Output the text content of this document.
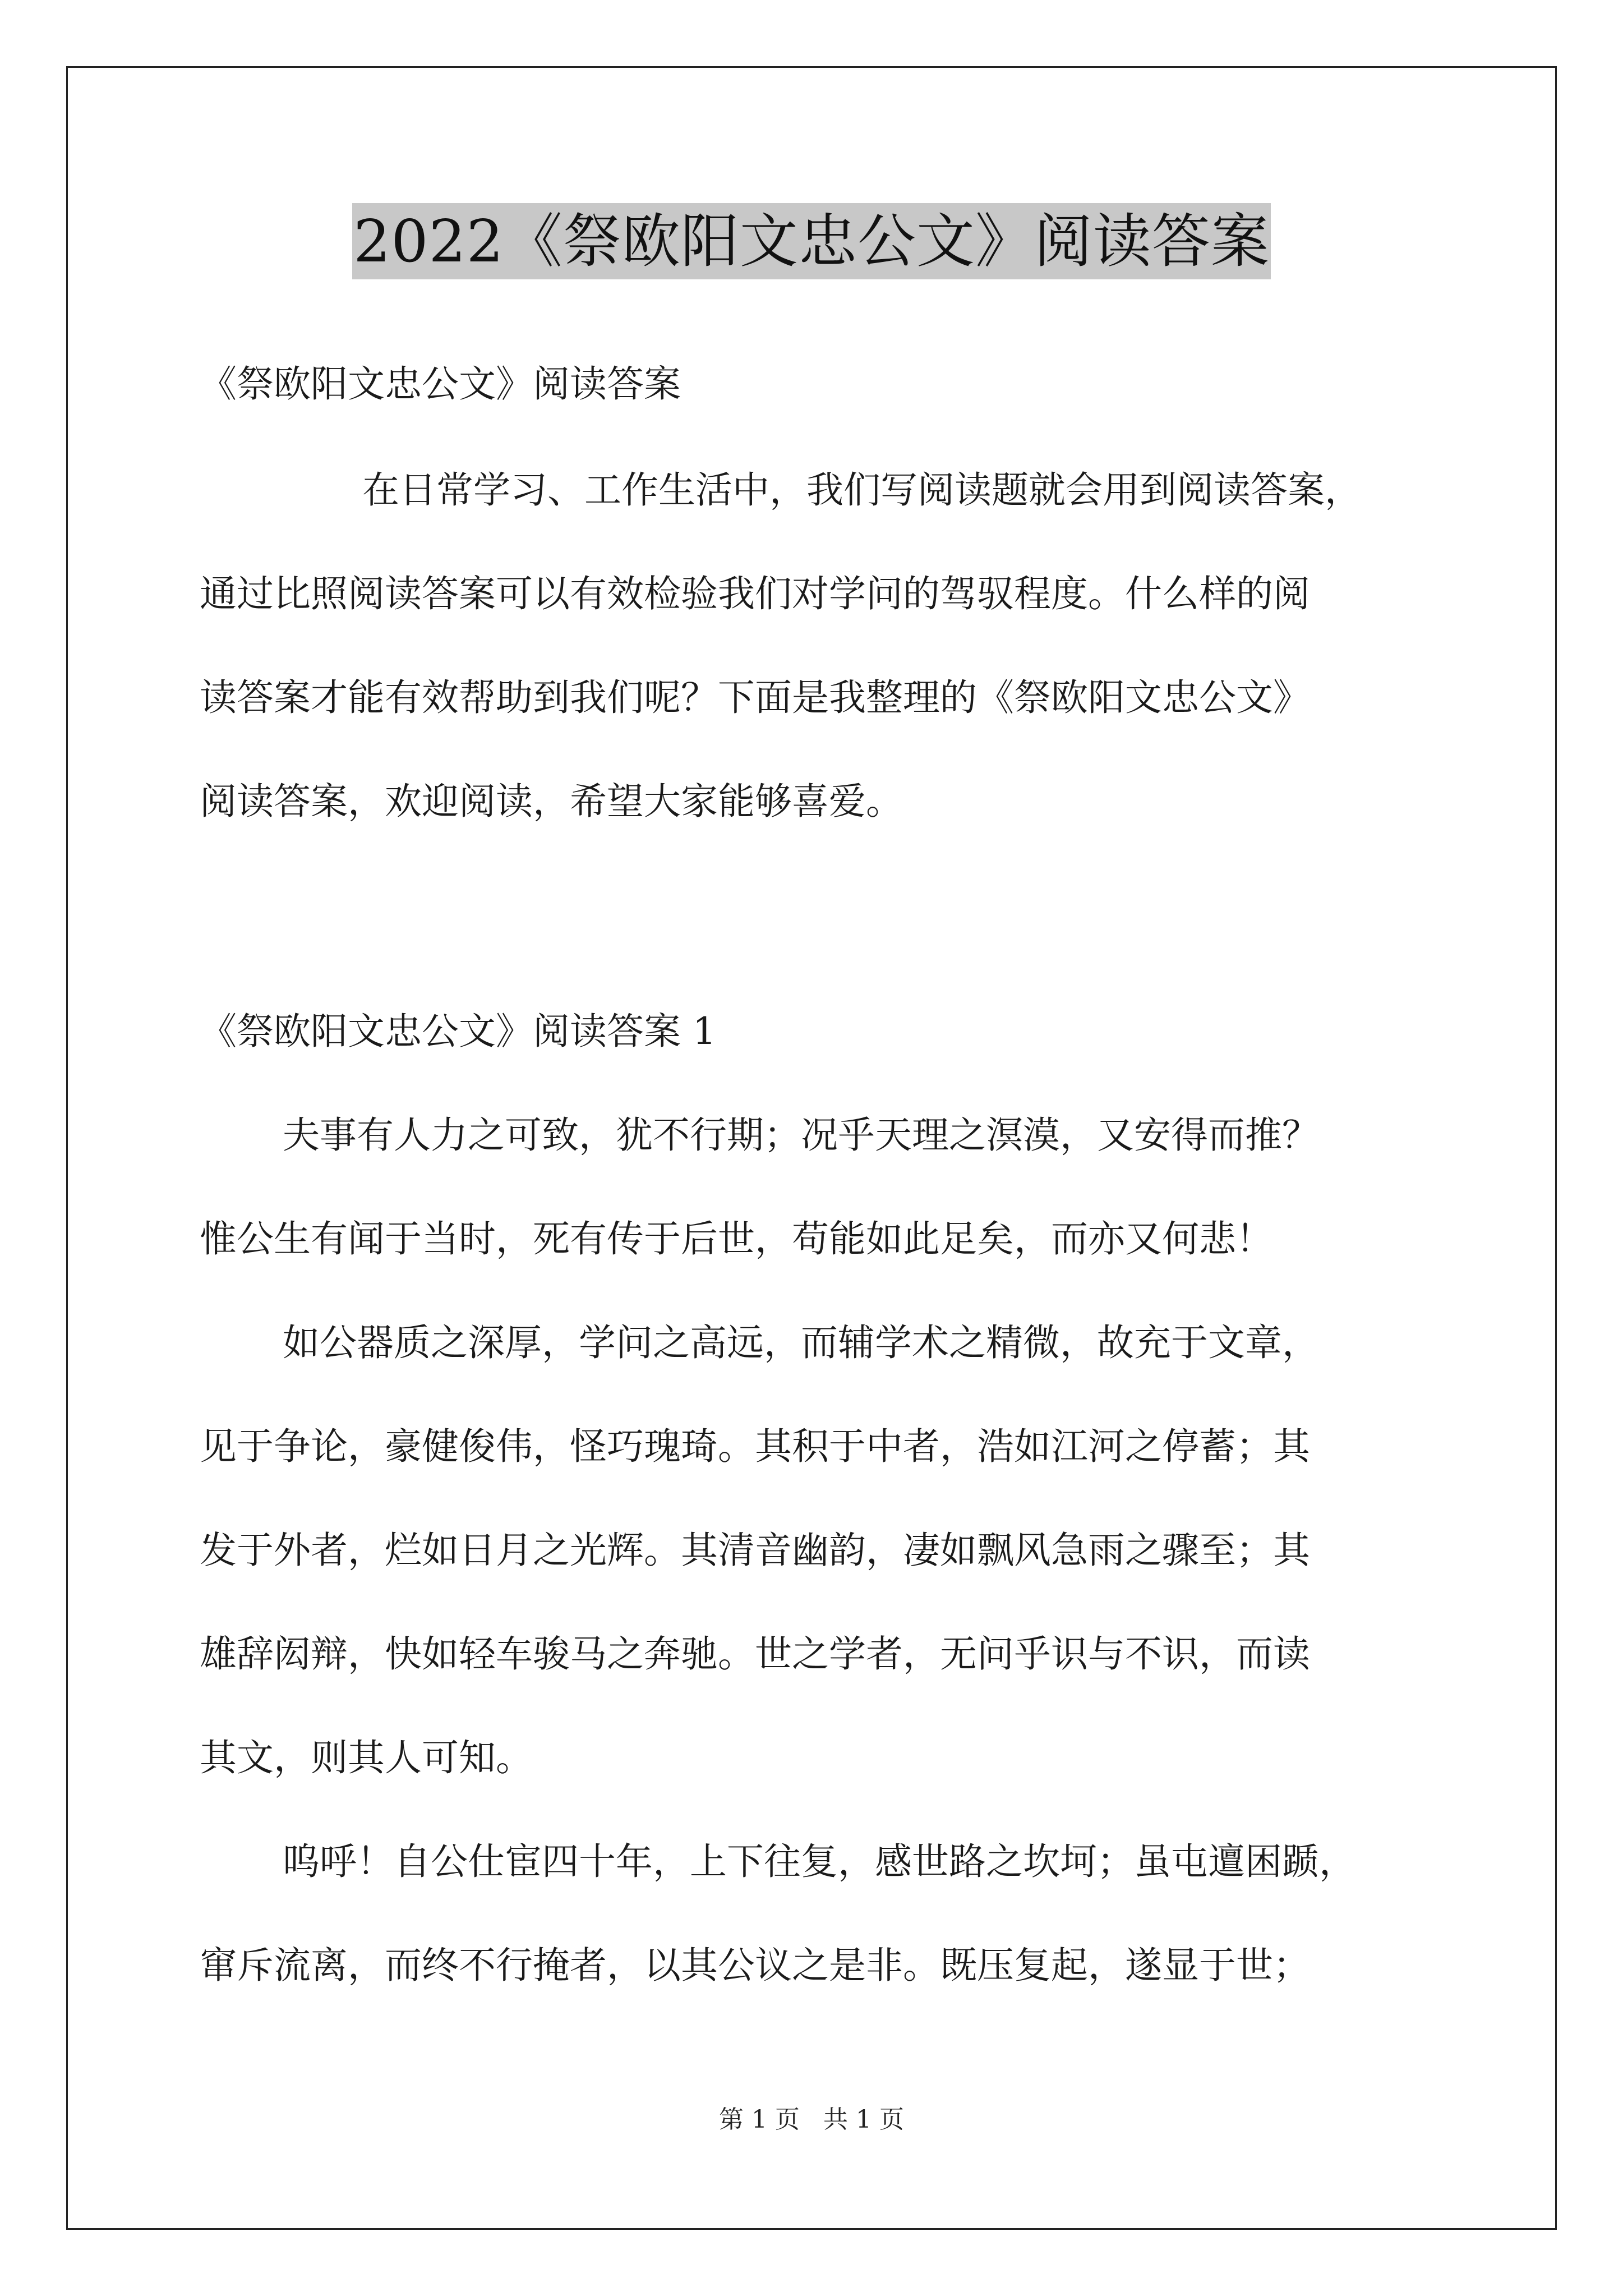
2022《祭欧阳文忠公文》阅读答案
《祭欧阳文忠公文》阅读答案
在日常学习、工作生活中，我们写阅读题就会用到阅读答案，
通过比照阅读答案可以有效检验我们对学问的驾驭程度。什么样的阅
读答案才能有效帮助到我们呢？下面是我整理的《祭欧阳文忠公文》
阅读答案，欢迎阅读，希望大家能够喜爱。
《祭欧阳文忠公文》阅读答案 1
夫事有人力之可致，犹不行期；况乎天理之溟漠，又安得而推？
惟公生有闻于当时，死有传于后世，苟能如此足矣，而亦又何悲！
如公器质之深厚，学问之高远，而辅学术之精微，故充于文章，
见于争论，豪健俊伟，怪巧瑰琦。其积于中者，浩如江河之停蓄；其
发于外者，烂如日月之光辉。其清音幽韵，凄如飘风急雨之骤至；其
雄辞闳辩，快如轻车骏马之奔驰。世之学者，无问乎识与不识，而读
其文，则其人可知。
呜呼！自公仕宦四十年，上下往复，感世路之坎坷；虽屯邅困踬，
窜斥流离，而终不行掩者，以其公议之是非。既压复起，遂显于世；
第 1 页 共 1 页
